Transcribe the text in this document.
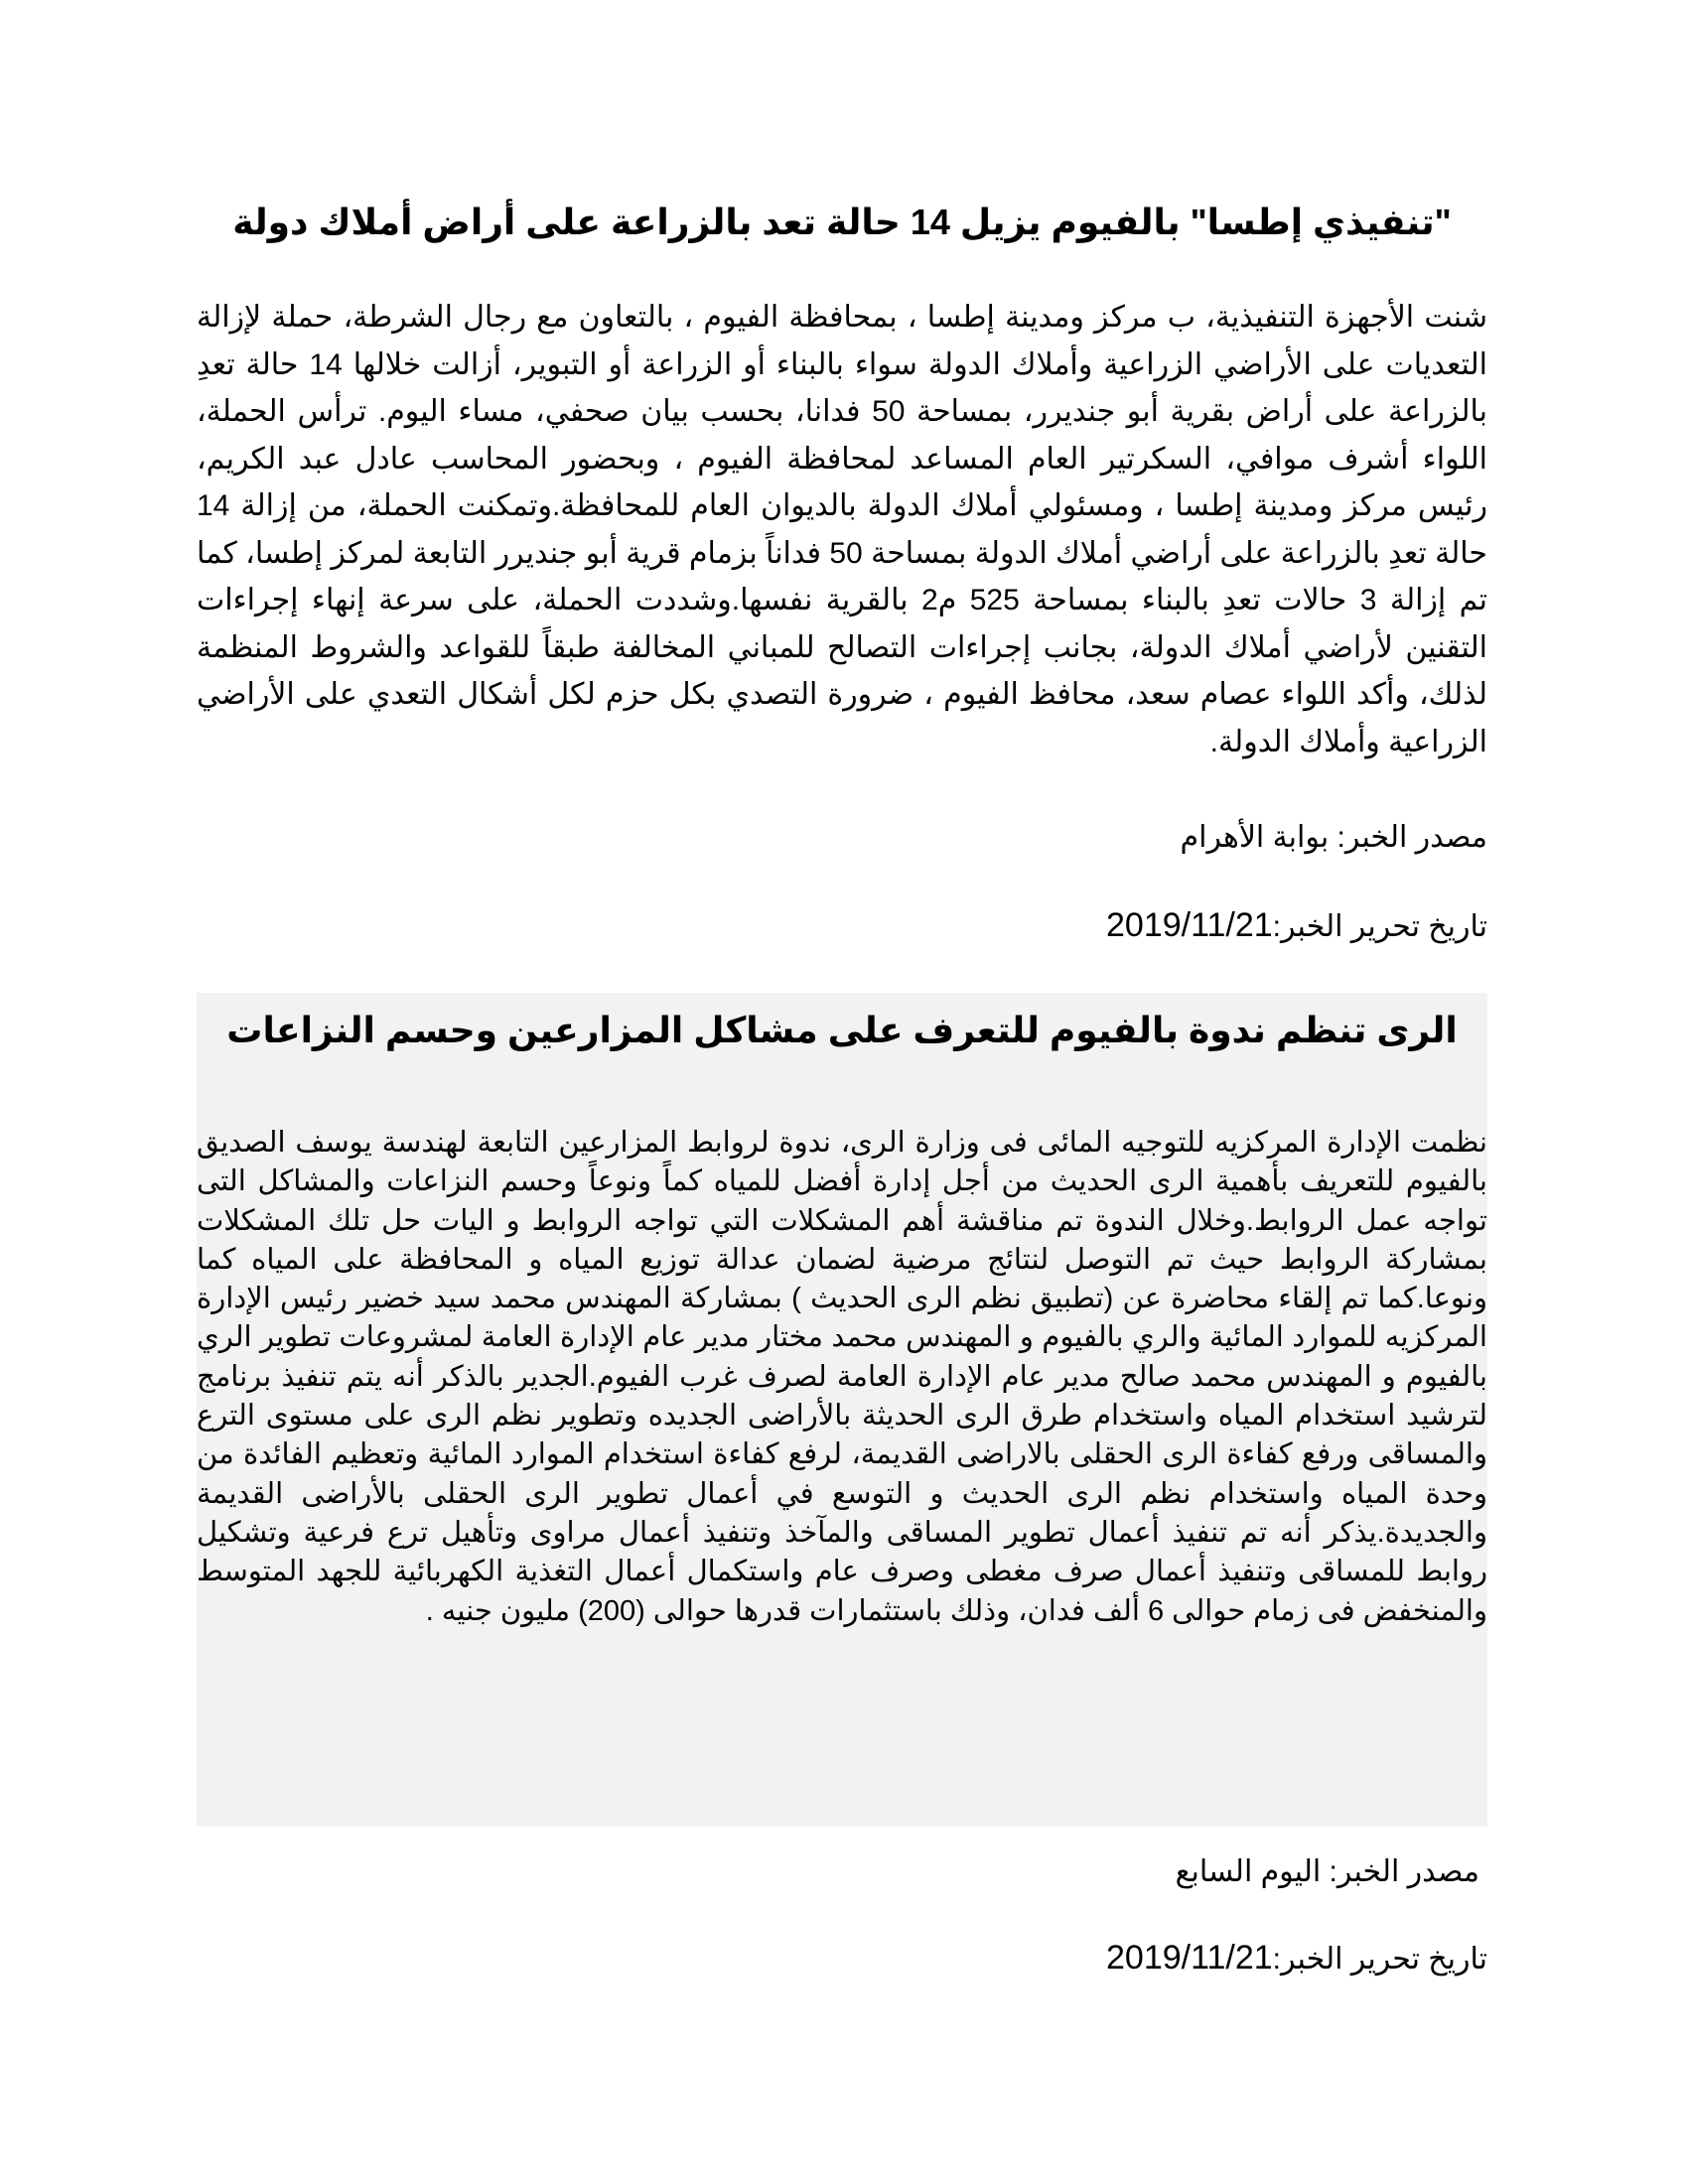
"تنفيذي إطسا" بالفيوم يزيل 14 حالة تعد بالزراعة على أراض أملاك دولة

شنت الأجهزة التنفيذية، ب مركز ومدينة إطسا ، بمحافظة الفيوم ، بالتعاون مع رجال الشرطة، حملة لإزالة التعديات على الأراضي الزراعية وأملاك الدولة سواء بالبناء أو الزراعة أو التبوير، أزالت خلالها 14 حالة تعدِ بالزراعة على أراض بقرية أبو جنديرر، بمساحة 50 فدانا، بحسب بيان صحفي، مساء اليوم. ترأس الحملة، اللواء أشرف موافي، السكرتير العام المساعد لمحافظة الفيوم ، وبحضور المحاسب عادل عبد الكريم، رئيس مركز ومدينة إطسا ، ومسئولي أملاك الدولة بالديوان العام للمحافظة.وتمكنت الحملة، من إزالة 14 حالة تعدِ بالزراعة على أراضي أملاك الدولة بمساحة 50 فداناً بزمام قرية أبو جنديرر التابعة لمركز إطسا، كما تم إزالة 3 حالات تعدِ بالبناء بمساحة 525 م2 بالقرية نفسها.وشددت الحملة، على سرعة إنهاء إجراءات التقنين لأراضي أملاك الدولة، بجانب إجراءات التصالح للمباني المخالفة طبقاً للقواعد والشروط المنظمة لذلك، وأكد اللواء عصام سعد، محافظ الفيوم ، ضرورة التصدي بكل حزم لكل أشكال التعدي على الأراضي الزراعية وأملاك الدولة.

مصدر الخبر: بوابة الأهرام

تاريخ تحرير الخبر:2019/11/21

الرى تنظم ندوة بالفيوم للتعرف على مشاكل المزارعين وحسم النزاعات

نظمت الإدارة المركزيه للتوجيه المائى فى وزارة الرى، ندوة لروابط المزارعين التابعة لهندسة يوسف الصديق بالفيوم للتعريف بأهمية الرى الحديث من أجل إدارة أفضل للمياه كماً ونوعاً وحسم النزاعات والمشاكل التى تواجه عمل الروابط.وخلال الندوة تم مناقشة أهم المشكلات التي تواجه الروابط و اليات حل تلك المشكلات بمشاركة الروابط حيث تم التوصل لنتائج مرضية لضمان عدالة توزيع المياه و المحافظة على المياه كما ونوعا.كما تم إلقاء محاضرة عن (تطبيق نظم الرى الحديث ) بمشاركة المهندس محمد سيد خضير رئيس الإدارة المركزيه للموارد المائية والري بالفيوم و المهندس محمد مختار مدير عام الإدارة العامة لمشروعات تطوير الري بالفيوم و المهندس محمد صالح مدير عام الإدارة العامة لصرف غرب الفيوم.الجدير بالذكر أنه يتم تنفيذ برنامج لترشيد استخدام المياه واستخدام طرق الرى الحديثة بالأراضى الجديده وتطوير نظم الرى على مستوى الترع والمساقى ورفع كفاءة الرى الحقلى بالاراضى القديمة، لرفع كفاءة استخدام الموارد المائية وتعظيم الفائدة من وحدة المياه واستخدام نظم الرى الحديث و التوسع في أعمال تطوير الرى الحقلى بالأراضى القديمة والجديدة.يذكر أنه تم تنفيذ أعمال تطوير المساقى والمآخذ وتنفيذ أعمال مراوى وتأهيل ترع فرعية وتشكيل روابط للمساقى وتنفيذ أعمال صرف مغطى وصرف عام واستكمال أعمال التغذية الكهربائية للجهد المتوسط والمنخفض فى زمام حوالى 6 ألف فدان، وذلك باستثمارات قدرها حوالى (200) مليون جنيه .

مصدر الخبر: اليوم السابع

تاريخ تحرير الخبر:2019/11/21
